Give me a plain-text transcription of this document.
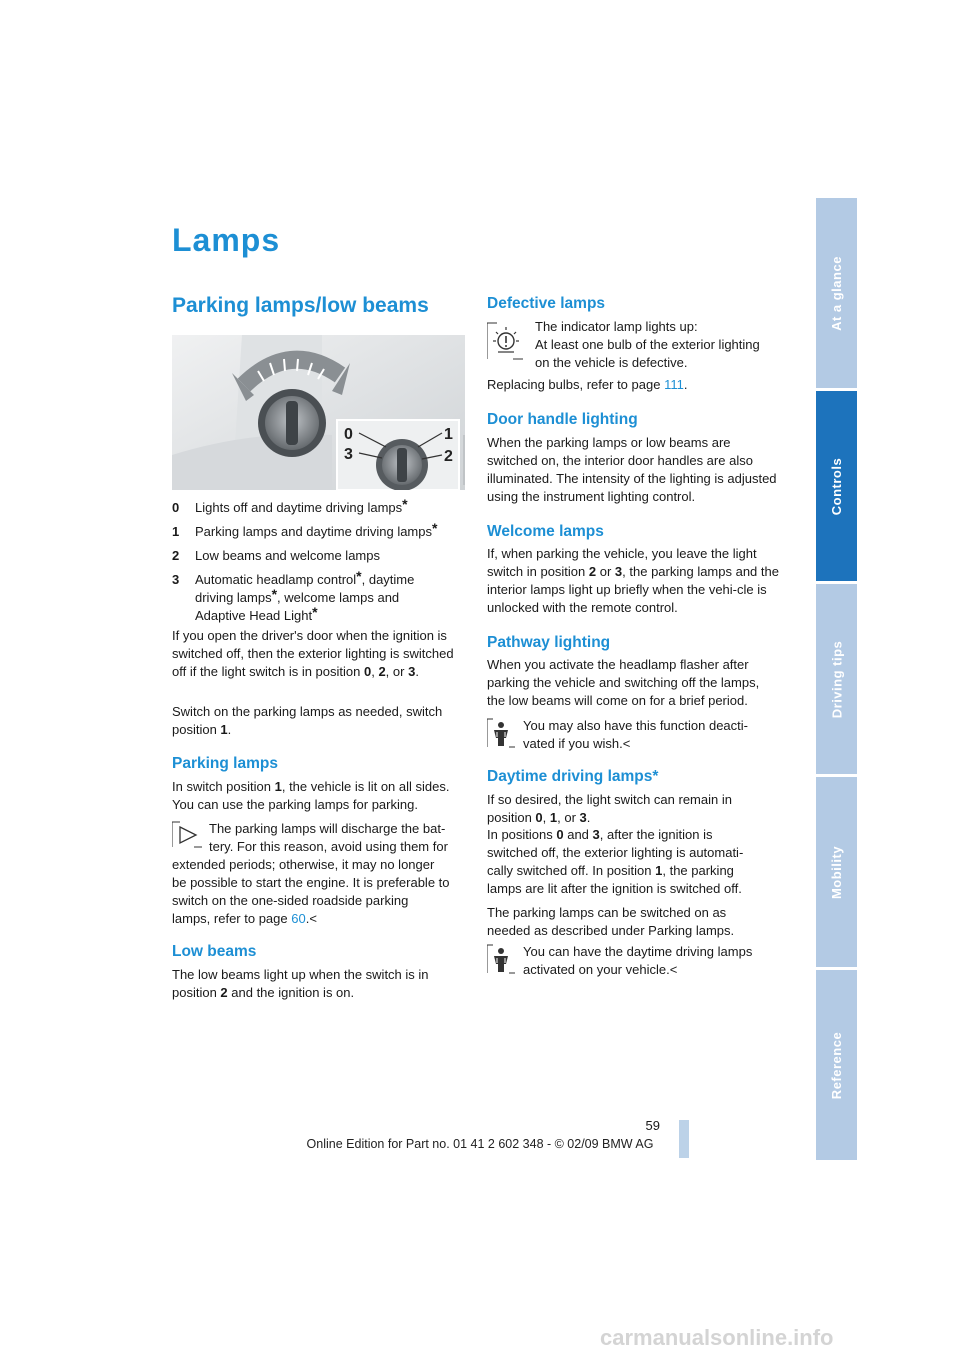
Lamps
Parking lamps/low beams
0	1
3	2
0	Lights off and daytime driving lamps*
1	Parking lamps and daytime driving lamps*
2	Low beams and welcome lamps
3	Automatic headlamp control*, daytime
driving lamps*, welcome lamps and
Adaptive Head Light*

If you open the driver's door when the ignition is switched off, then the exterior lighting is switched off if the light switch is in position 0, 2, or 3.

Switch on the parking lamps as needed, switch position 1.

Parking lamps

In switch position 1, the vehicle is lit on all sides. You can use the parking lamps for parking.

The parking lamps will discharge the bat-
tery. For this reason, avoid using them for
extended periods; otherwise, it may no longer
be possible to start the engine. It is preferable to
switch on the one-sided roadside parking
lamps, refer to page 60.<

Low beams

The low beams light up when the switch is in
position 2 and the ignition is on.

Defective lamps

The indicator lamp lights up:
At least one bulb of the exterior lighting
on the vehicle is defective.

Replacing bulbs, refer to page 111.

Door handle lighting

When the parking lamps or low beams are switched on, the interior door handles are also illuminated. The intensity of the lighting is adjusted using the instrument lighting control.

Welcome lamps

If, when parking the vehicle, you leave the light switch in position 2 or 3, the parking lamps and the interior lamps light up briefly when the vehi-cle is unlocked with the remote control.

Pathway lighting

When you activate the headlamp flasher after parking the vehicle and switching off the lamps, the low beams will come on for a brief period.

You may also have this function deacti-
vated if you wish.<

Daytime driving lamps*

If so desired, the light switch can remain in
position 0, 1, or 3.

In positions 0 and 3, after the ignition is
switched off, the exterior lighting is automati-
cally switched off. In position 1, the parking
lamps are lit after the ignition is switched off.

The parking lamps can be switched on as needed as described under Parking lamps.

You can have the daytime driving lamps
activated on your vehicle.<

At a glance
Controls
Driving tips
Mobility
Reference
59
Online Edition for Part no. 01 41 2 602 348 - © 02/09 BMW AG
carmanualsonline.info
